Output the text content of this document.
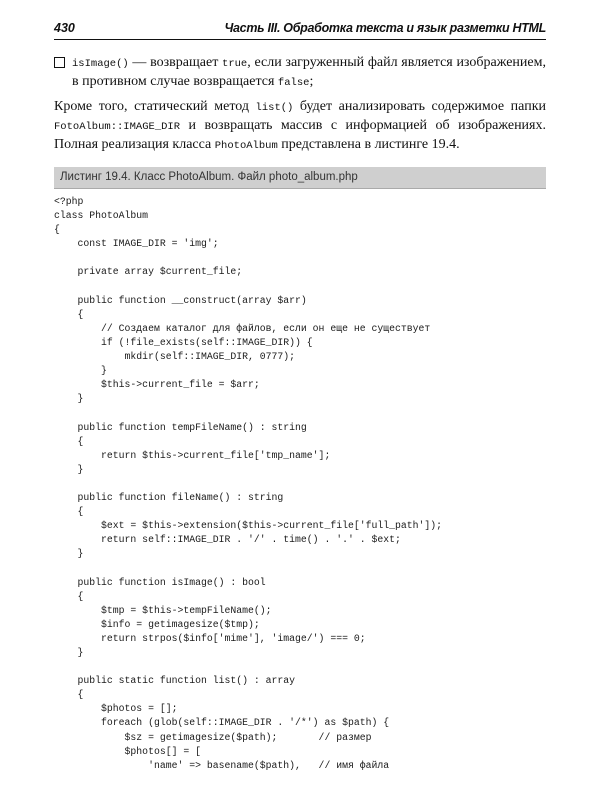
430	Часть III. Обработка текста и язык разметки HTML
isImage() — возвращает true, если загруженный файл является изображением, в противном случае возвращается false;
Кроме того, статический метод list() будет анализировать содержимое папки FotoAlbum::IMAGE_DIR и возвращать массив с информацией об изображениях. Полная реализация класса PhotoAlbum представлена в листинге 19.4.
Листинг 19.4. Класс PhotoAlbum. Файл photo_album.php
<?php
class PhotoAlbum
{
const IMAGE_DIR = 'img';
private array $current_file;
public function __construct(array $arr)
{
// Создаем каталог для файлов, если он еще не существует
if (!file_exists(self::IMAGE_DIR)) {
mkdir(self::IMAGE_DIR, 0777);
}
$this->current_file = $arr;
}
public function tempFileName() : string
{
return $this->current_file['tmp_name'];
}
public function fileName() : string
{
$ext = $this->extension($this->current_file['full_path']);
return self::IMAGE_DIR . '/' . time() . '.' . $ext;
}
public function isImage() : bool
{
$tmp = $this->tempFileName();
$info = getimagesize($tmp);
return strpos($info['mime'], 'image/') === 0;
}
public static function list() : array
{
$photos = [];
foreach (glob(self::IMAGE_DIR . '/*') as $path) {
$sz = getimagesize($path);       // размер
$photos[] = [
'name' => basename($path),   // имя файла
